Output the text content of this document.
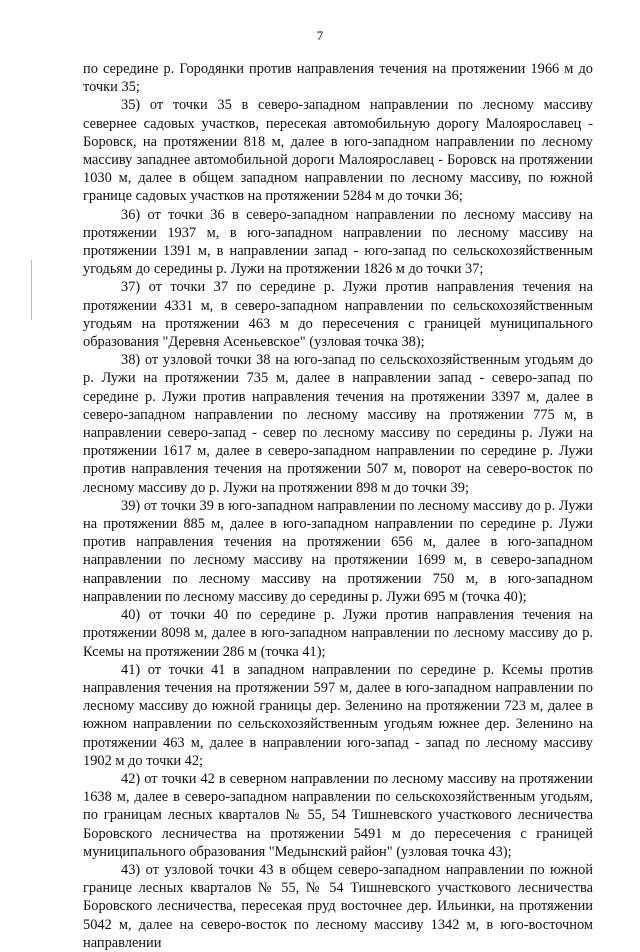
7

по середине р. Городянки против направления течения на протяжении 1966 м до точки 35;

35) от точки 35 в северо-западном направлении по лесному массиву севернее садовых участков, пересекая автомобильную дорогу Малоярославец - Боровск, на протяжении 818 м, далее в юго-западном направлении по лесному массиву западнее автомобильной дороги Малоярославец - Боровск на протяжении 1030 м, далее в общем западном направлении по лесному массиву, по южной границе садовых участков на протяжении 5284 м до точки 36;

36) от точки 36 в северо-западном направлении по лесному массиву на протяжении 1937 м, в юго-западном направлении по лесному массиву на протяжении 1391 м, в направлении запад - юго-запад по сельскохозяйственным угодьям до середины р. Лужи на протяжении 1826 м до точки 37;

37) от точки 37 по середине р. Лужи против направления течения на протяжении 4331 м, в северо-западном направлении по сельскохозяйственным угодьям на протяжении 463 м до пересечения с границей муниципального образования "Деревня Асеньевское" (узловая точка 38);

38) от узловой точки 38 на юго-запад по сельскохозяйственным угодьям до р. Лужи на протяжении 735 м, далее в направлении запад - северо-запад по середине р. Лужи против направления течения на протяжении 3397 м, далее в северо-западном направлении по лесному массиву на протяжении 775 м, в направлении северо-запад - север по лесному массиву по середины р. Лужи на протяжении 1617 м, далее в северо-западном направлении по середине р. Лужи против направления течения на протяжении 507 м, поворот на северо-восток по лесному массиву до р. Лужи на протяжении 898 м до точки 39;

39) от точки 39 в юго-западном направлении по лесному массиву до р. Лужи на протяжении 885 м, далее в юго-западном направлении по середине р. Лужи против направления течения на протяжении 656 м, далее в юго-западном направлении по лесному массиву на протяжении 1699 м, в северо-западном направлении по лесному массиву на протяжении 750 м, в юго-западном направлении по лесному массиву до середины р. Лужи 695 м (точка 40);

40) от точки 40 по середине р. Лужи против направления течения на протяжении 8098 м, далее в юго-западном направлении по лесному массиву до р. Ксемы на протяжении 286 м (точка 41);

41) от точки 41 в западном направлении по середине р. Ксемы против направления течения на протяжении 597 м, далее в юго-западном направлении по лесному массиву до южной границы дер. Зеленино на протяжении 723 м, далее в южном направлении по сельскохозяйственным угодьям южнее дер. Зеленино на протяжении 463 м, далее в направлении юго-запад - запад по лесному массиву 1902 м до точки 42;

42) от точки 42 в северном направлении по лесному массиву на протяжении 1638 м, далее в северо-западном направлении по сельскохозяйственным угодьям, по границам лесных кварталов № 55, 54 Тишневского участкового лесничества Боровского лесничества на протяжении 5491 м до пересечения с границей муниципального образования "Медынский район" (узловая точка 43);

43) от узловой точки 43 в общем северо-западном направлении по южной границе лесных кварталов № 55, № 54 Тишневского участкового лесничества Боровского лесничества, пересекая пруд восточнее дер. Ильинки, на протяжении 5042 м, далее на северо-восток по лесному массиву 1342 м, в юго-восточном направлении
